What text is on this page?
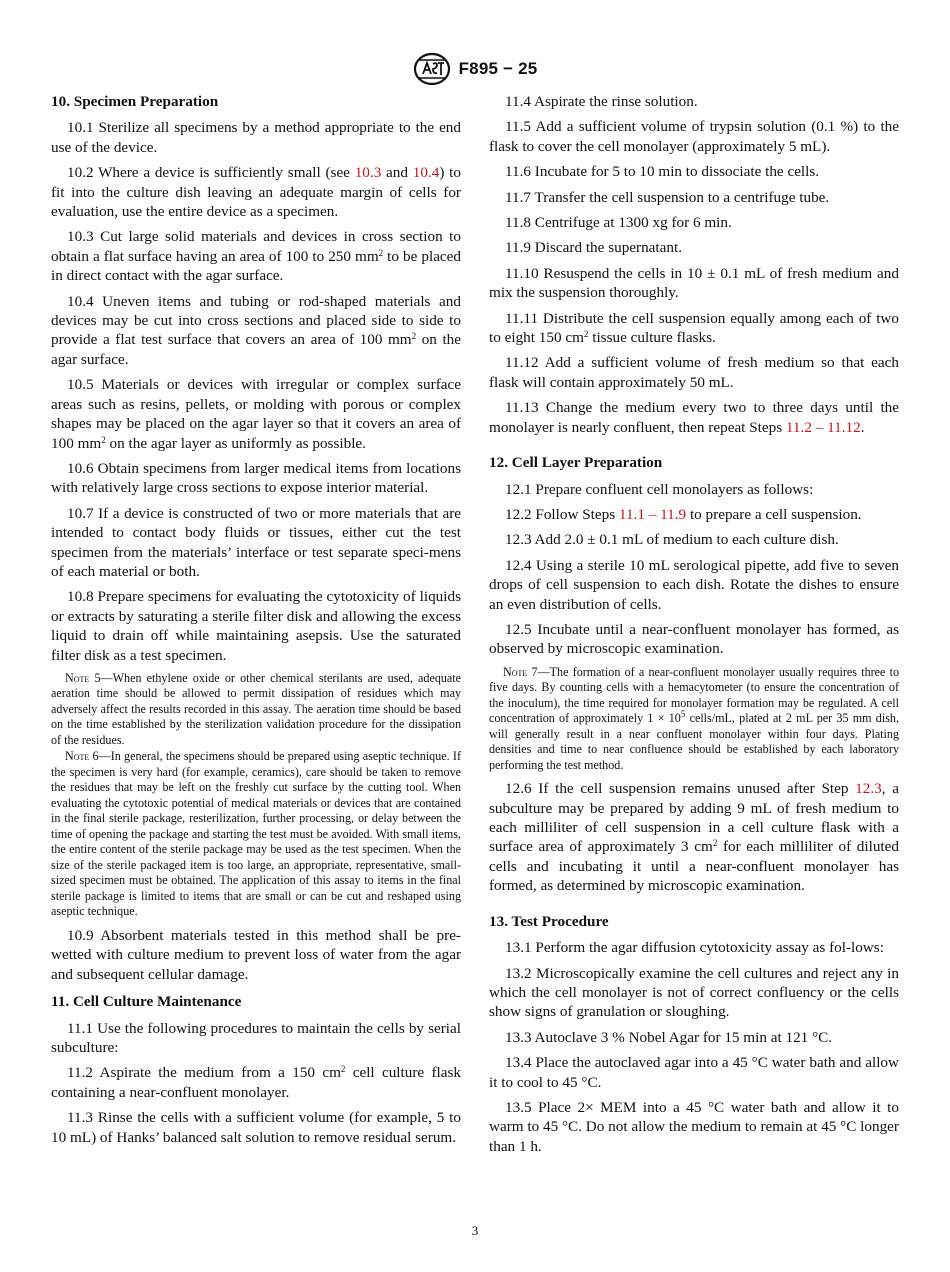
F895 − 25
10. Specimen Preparation

10.1 Sterilize all specimens by a method appropriate to the end use of the device.

10.2 Where a device is sufficiently small (see 10.3 and 10.4) to fit into the culture dish leaving an adequate margin of cells for evaluation, use the entire device as a specimen.

10.3 Cut large solid materials and devices in cross section to obtain a flat surface having an area of 100 to 250 $mm^2$ to be placed in direct contact with the agar surface.

10.4 Uneven items and tubing or rod-shaped materials and devices may be cut into cross sections and placed side to side to provide a flat test surface that covers an area of 100 $mm^2$ on the agar surface.

10.5 Materials or devices with irregular or complex surface areas such as resins, pellets, or molding with porous or complex shapes may be placed on the agar layer so that it covers an area of 100 $mm^2$ on the agar layer as uniformly as possible.

10.6 Obtain specimens from larger medical items from locations with relatively large cross sections to expose interior material.

10.7 If a device is constructed of two or more materials that are intended to contact body fluids or tissues, either cut the test specimen from the materials’ interface or test separate speci-mens of each material or both.

10.8 Prepare specimens for evaluating the cytotoxicity of liquids or extracts by saturating a sterile filter disk and allowing the excess liquid to drain off while maintaining asepsis. Use the saturated filter disk as a test specimen.

Note 5—When ethylene oxide or other chemical sterilants are used, adequate aeration time should be allowed to permit dissipation of residues which may adversely affect the results recorded in this assay. The aeration time should be based on the time established by the sterilization validation procedure for the dissipation of the residues.

Note 6—In general, the specimens should be prepared using aseptic technique. If the specimen is very hard (for example, ceramics), care should be taken to remove the residues that may be left on the freshly cut surface by the cutting tool. When evaluating the cytotoxic potential of medical materials or devices that are contained in the final sterile package, resterilization, further processing, or delay between the time of opening the package and starting the test must be avoided. With small items, the entire content of the sterile package may be used as the test specimen. When the size of the sterile packaged item is too large, an appropriate, representative, small-sized specimen must be obtained. The application of this assay to items in the final sterile package is limited to items that are small or can be cut and reshaped using aseptic technique.

10.9 Absorbent materials tested in this method shall be pre-wetted with culture medium to prevent loss of water from the agar and subsequent cellular damage.

11. Cell Culture Maintenance

11.1 Use the following procedures to maintain the cells by serial subculture:

11.2 Aspirate the medium from a 150 $cm^2$ cell culture flask containing a near-confluent monolayer.

11.3 Rinse the cells with a sufficient volume (for example, 5 to 10 mL) of Hanks’ balanced salt solution to remove residual serum.

11.4 Aspirate the rinse solution.

11.5 Add a sufficient volume of trypsin solution (0.1 %) to the flask to cover the cell monolayer (approximately 5 mL).

11.6 Incubate for 5 to 10 min to dissociate the cells.

11.7 Transfer the cell suspension to a centrifuge tube.

11.8 Centrifuge at 1300 xg for 6 min.

11.9 Discard the supernatant.

11.10 Resuspend the cells in 10 ± 0.1 mL of fresh medium and mix the suspension thoroughly.

11.11 Distribute the cell suspension equally among each of two to eight 150 $cm^2$ tissue culture flasks.

11.12 Add a sufficient volume of fresh medium so that each flask will contain approximately 50 mL.

11.13 Change the medium every two to three days until the monolayer is nearly confluent, then repeat Steps 11.2 – 11.12.

12. Cell Layer Preparation

12.1 Prepare confluent cell monolayers as follows:

12.2 Follow Steps 11.1 – 11.9 to prepare a cell suspension.

12.3 Add 2.0 ± 0.1 mL of medium to each culture dish.

12.4 Using a sterile 10 mL serological pipette, add five to seven drops of cell suspension to each dish. Rotate the dishes to ensure an even distribution of cells.

12.5 Incubate until a near-confluent monolayer has formed, as observed by microscopic examination.

Note 7—The formation of a near-confluent monolayer usually requires three to five days. By counting cells with a hemacytometer (to ensure the concentration of the inoculum), the time required for monolayer formation may be regulated. A cell concentration of approximately $1 \times 10^5$ cells/mL, plated at 2 mL per 35 mm dish, will generally result in a near confluent monolayer within four days. Plating densities and time to near confluence should be established by each laboratory performing the test method.

12.6 If the cell suspension remains unused after Step 12.3, a subculture may be prepared by adding 9 mL of fresh medium to each milliliter of cell suspension in a cell culture flask with a surface area of approximately 3 $cm^2$ for each milliliter of diluted cells and incubating it until a near-confluent monolayer has formed, as determined by microscopic examination.

13. Test Procedure

13.1 Perform the agar diffusion cytotoxicity assay as fol-lows:

13.2 Microscopically examine the cell cultures and reject any in which the cell monolayer is not of correct confluency or the cells show signs of granulation or sloughing.

13.3 Autoclave 3 % Nobel Agar for 15 min at 121 °C.

13.4 Place the autoclaved agar into a 45 °C water bath and allow it to cool to 45 °C.

13.5 Place 2× MEM into a 45 °C water bath and allow it to warm to 45 °C. Do not allow the medium to remain at 45 °C longer than 1 h.

3
